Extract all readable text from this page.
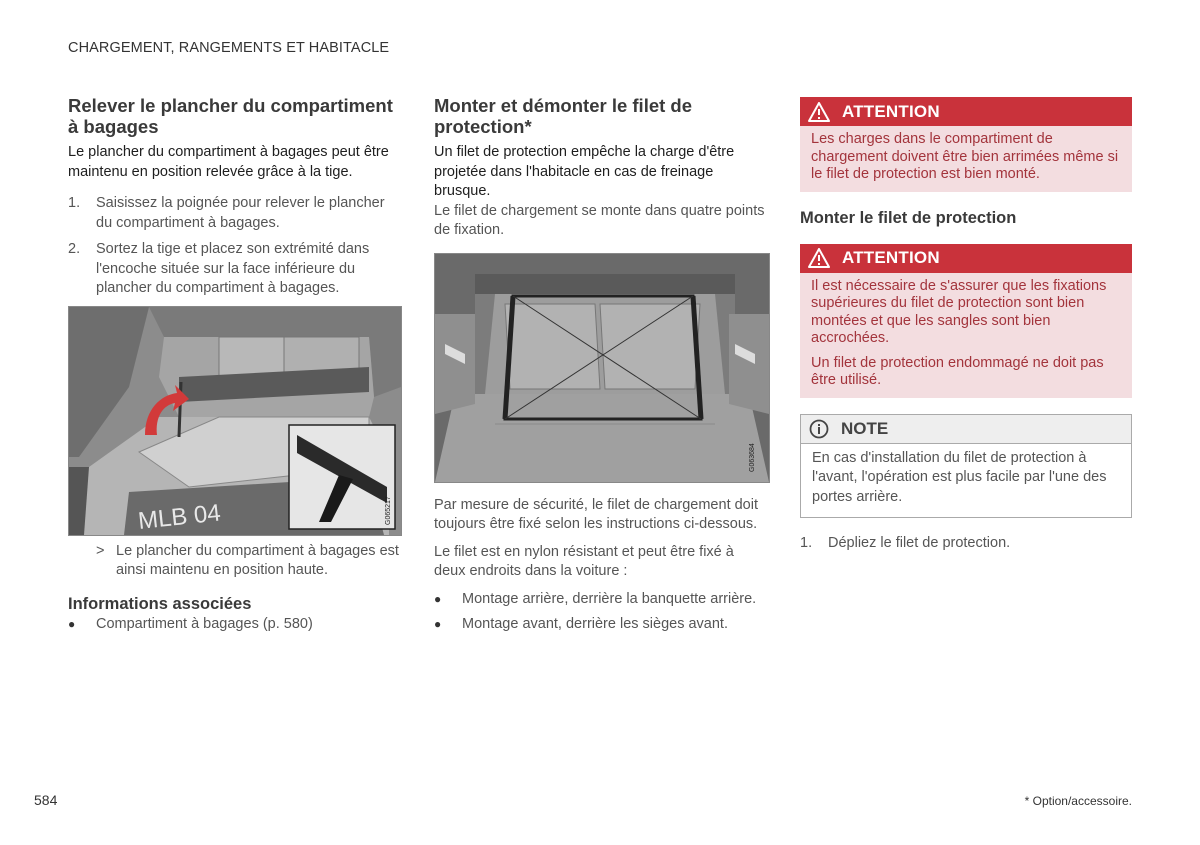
CHARGEMENT, RANGEMENTS ET HABITACLE
Relever le plancher du compartiment à bagages

Le plancher du compartiment à bagages peut être maintenu en position relevée grâce à la tige.

1.	Saisissez la poignée pour relever le plancher du compartiment à bagages.
2.	Sortez la tige et placez son extrémité dans l'encoche située sur la face inférieure du plancher du compartiment à bagages.
MLB 04	G065217
> Le plancher du compartiment à bagages est ainsi maintenu en position haute.
Informations associées
●	Compartiment à bagages (p. 580)
Monter et démonter le filet de protection*

Un filet de protection empêche la charge d'être projetée dans l'habitacle en cas de freinage brusque.

Le filet de chargement se monte dans quatre points de fixation.

G063684

Par mesure de sécurité, le filet de chargement doit toujours être fixé selon les instructions ci-dessous.

Le filet est en nylon résistant et peut être fixé à deux endroits dans la voiture :

●	Montage arrière, derrière la banquette arrière.
●	Montage avant, derrière les sièges avant.
ATTENTION

Les charges dans le compartiment de chargement doivent être bien arrimées même si le filet de protection est bien monté.

Monter le filet de protection
ATTENTION

Il est nécessaire de s'assurer que les fixations supérieures du filet de protection sont bien montées et que les sangles sont bien accrochées.

Un filet de protection endommagé ne doit pas être utilisé.

NOTE
En cas d'installation du filet de protection à l'avant, l'opération est plus facile par l'une des portes arrière.
1.	Dépliez le filet de protection.
584	* Option/accessoire.
